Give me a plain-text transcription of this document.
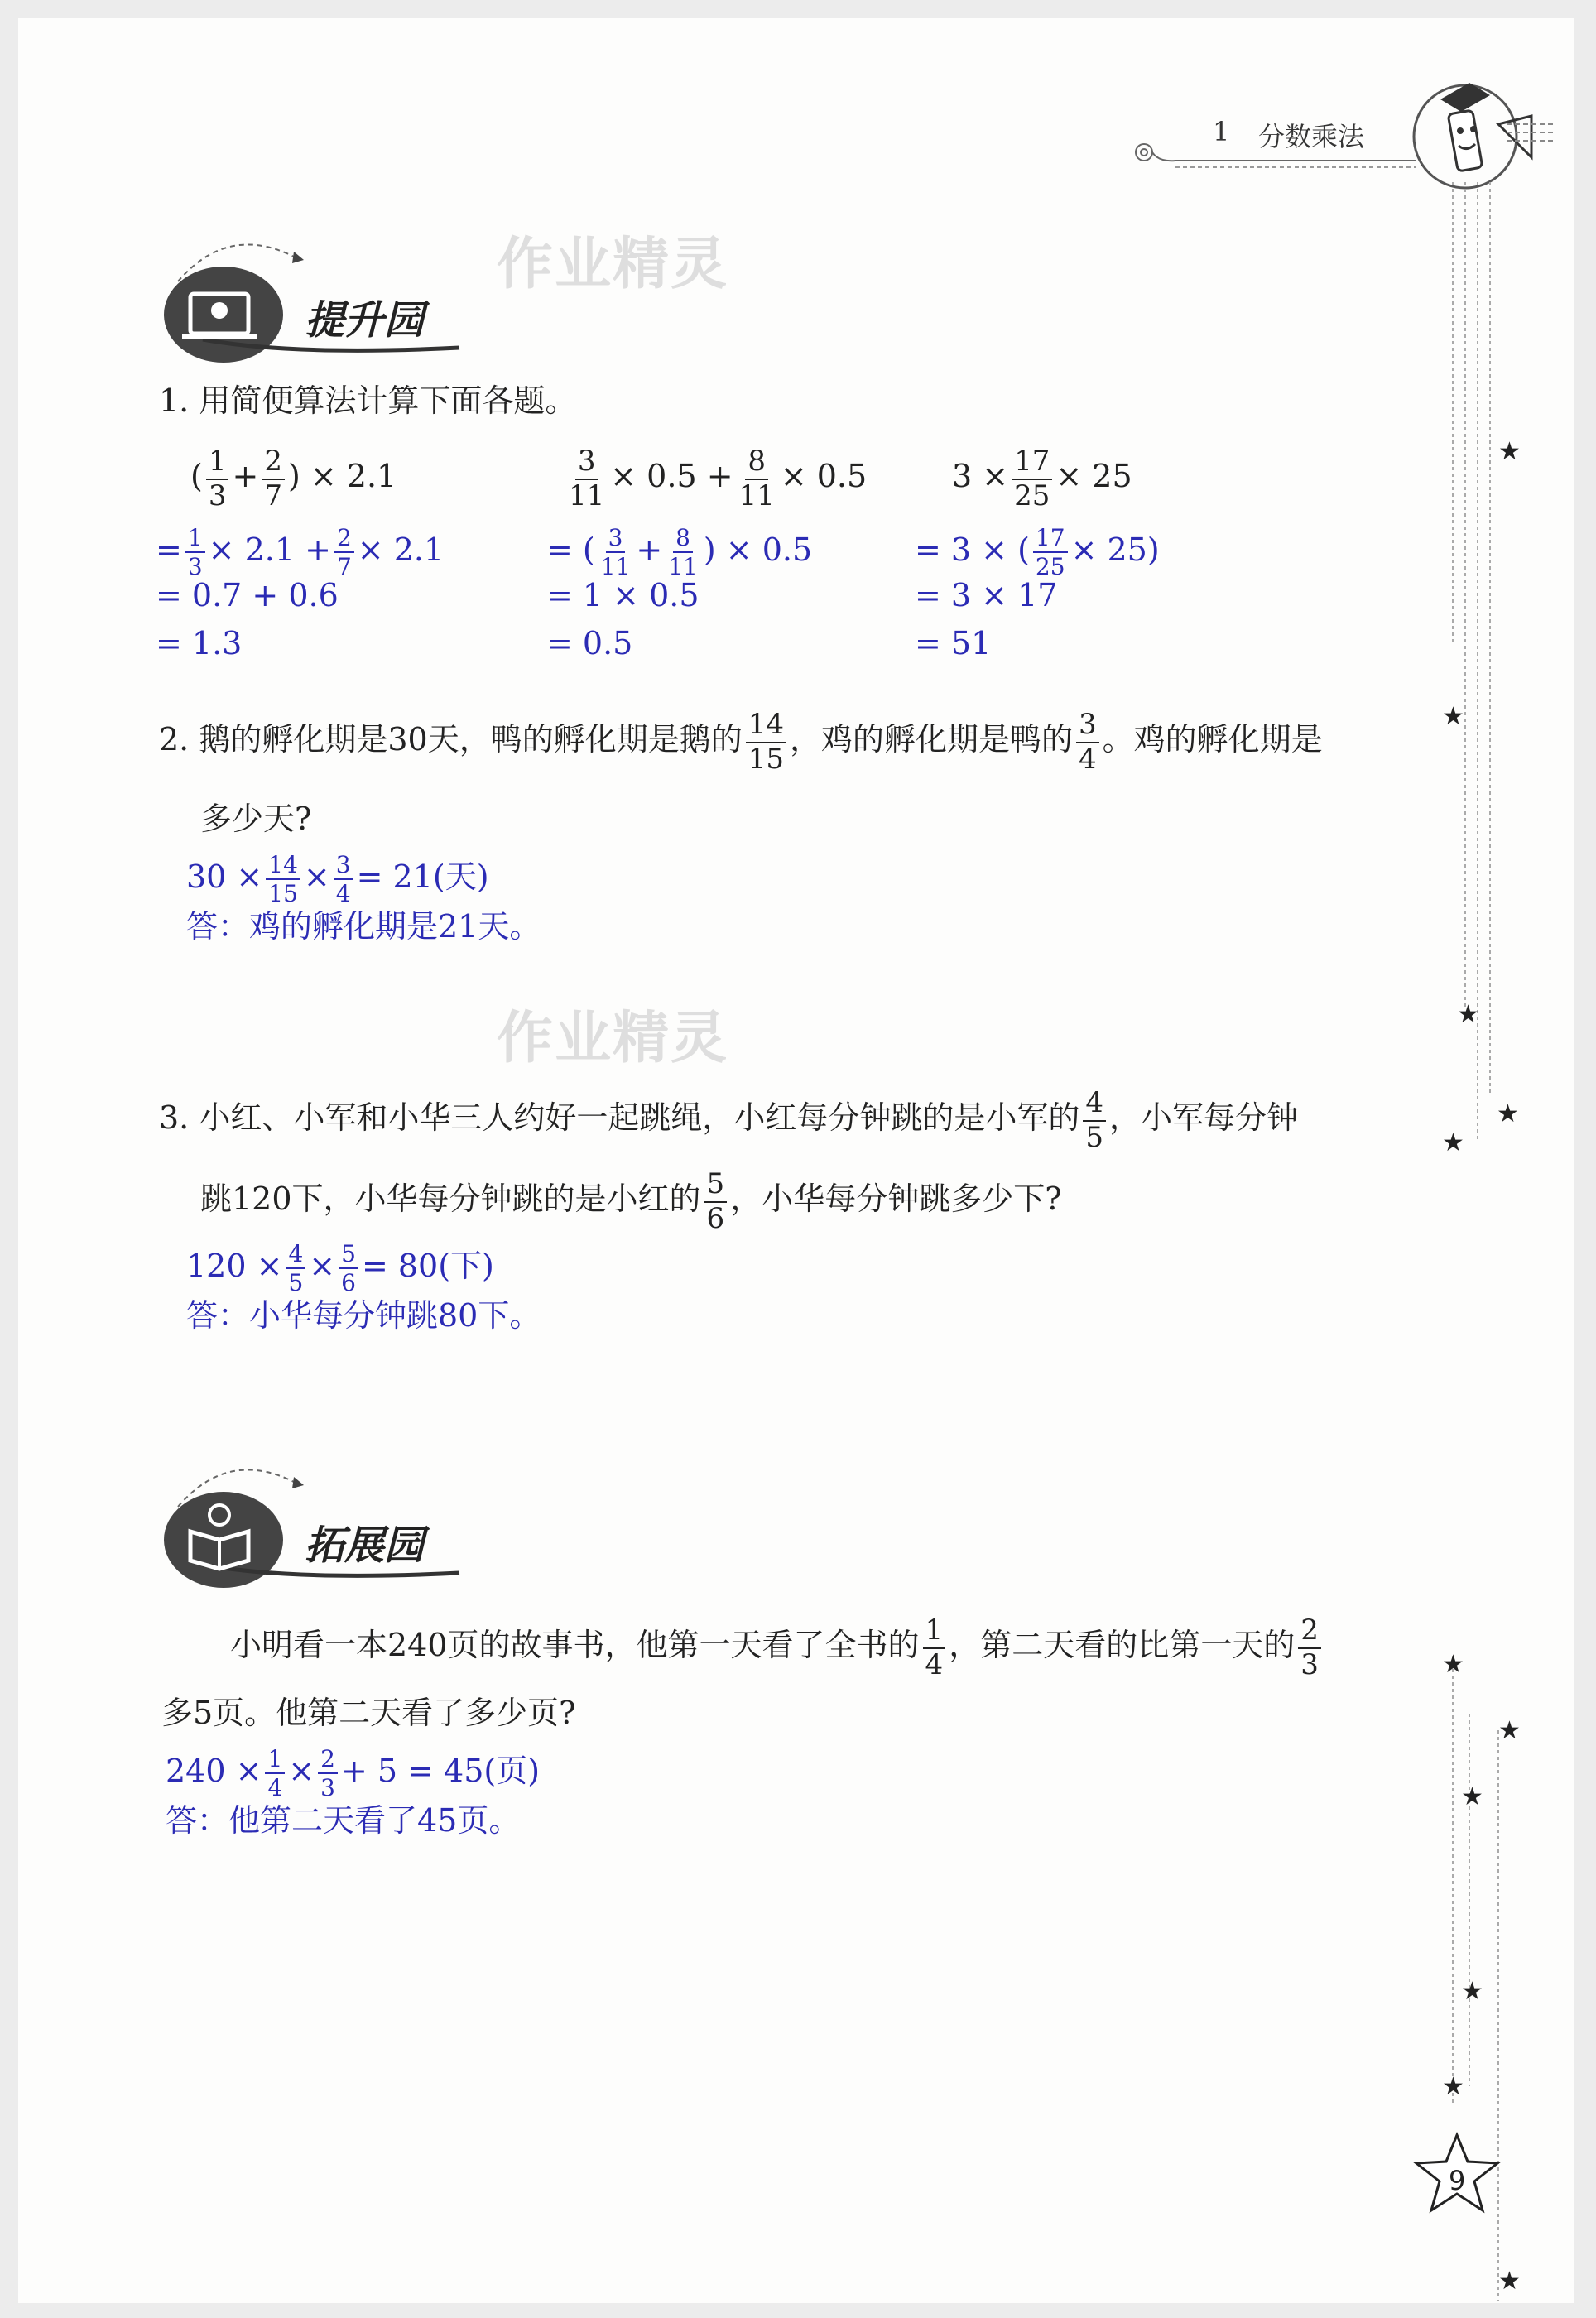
1 分数乘法
★
★
★
★
★
★
★
★
★
★
★
作业精灵
作业精灵
提升园
1. 用简便算法计算下面各题。
( $\frac{1}{3} + \frac{2}{7}$ ) × 2.1
= $\frac{1}{3} \times 2.1 + \frac{2}{7} \times 2.1$
= 0.7 + 0.6
= 1.3
$\frac{3}{11} \times 0.5 + \frac{8}{11} \times 0.5$
= ( $\frac{3}{11} + \frac{8}{11}$ ) × 0.5
= 1 × 0.5
= 0.5
$3 \times \frac{17}{25} \times 25$
= 3 × ( $\frac{17}{25} \times 25$)
= 3 × 17
= 51
2. 鹅的孵化期是30天，鸭的孵化期是鹅的 $\frac{14}{15}$ ，鸡的孵化期是鸭的 $\frac{3}{4}$ 。鸡的孵化期是
多少天?
$30 \times \frac{14}{15} \times \frac{3}{4} = 21$(天)
答：鸡的孵化期是21天。
3. 小红、小军和小华三人约好一起跳绳，小红每分钟跳的是小军的 $\frac{4}{5}$ ，小军每分钟
跳120下，小华每分钟跳的是小红的 $\frac{5}{6}$ ，小华每分钟跳多少下?
$120 \times \frac{4}{5} \times \frac{5}{6} = 80$(下)
答：小华每分钟跳80下。
拓展园
小明看一本240页的故事书，他第一天看了全书的 $\frac{1}{4}$ ，第二天看的比第一天的 $\frac{2}{3}$
多5页。他第二天看了多少页?
$240 \times \frac{1}{4} \times \frac{2}{3} + 5 = 45$(页)
答：他第二天看了45页。
9
